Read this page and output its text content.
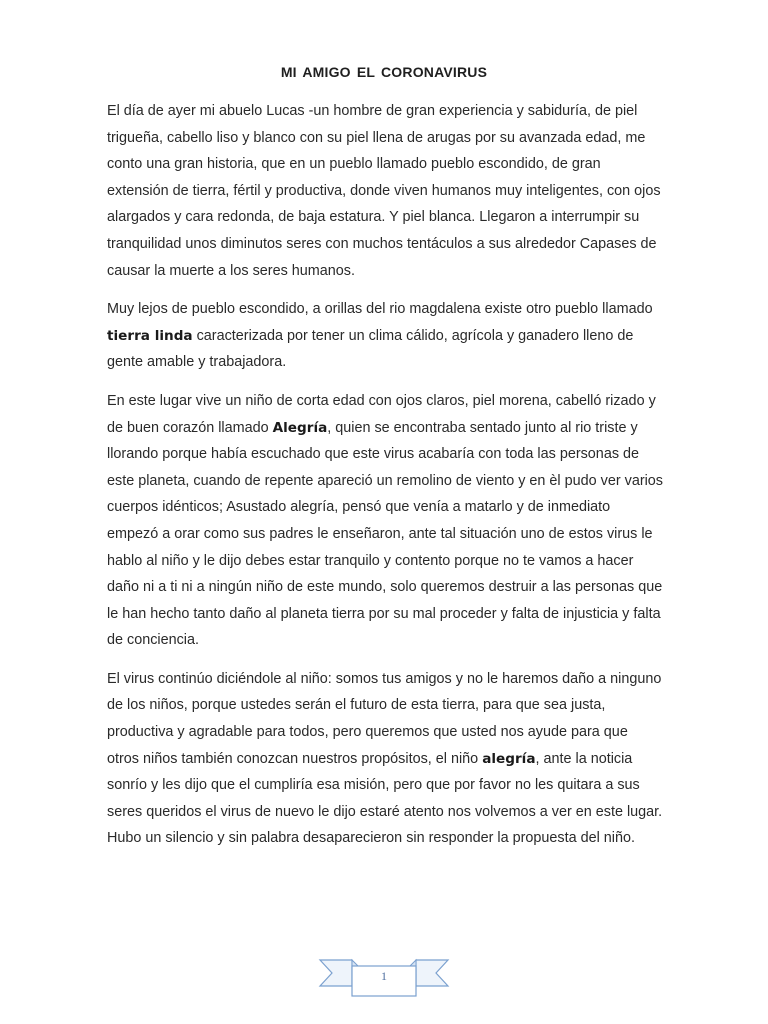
MI AMIGO EL CORONAVIRUS

El día de ayer mi abuelo Lucas -un hombre de gran experiencia y sabiduría, de piel trigueña, cabello liso y blanco con su piel llena de arugas por su avanzada edad, me conto una gran historia, que en un pueblo llamado pueblo escondido, de gran extensión de tierra, fértil y productiva, donde viven humanos muy inteligentes, con ojos alargados y cara redonda, de baja estatura. Y piel blanca. Llegaron a interrumpir su tranquilidad unos diminutos seres con muchos tentáculos a sus alrededor Capases de causar la muerte a los seres humanos.

Muy lejos de pueblo escondido, a orillas del rio magdalena existe otro pueblo llamado tierra linda caracterizada por tener un clima cálido, agrícola y ganadero lleno de gente amable y trabajadora.

En este lugar vive un niño de corta edad con ojos claros, piel morena, cabelló rizado y de buen corazón llamado Alegría, quien se encontraba sentado junto al rio triste y llorando porque había escuchado que este virus acabaría con toda las personas de este planeta, cuando de repente apareció un remolino de viento y en èl pudo ver varios cuerpos idénticos; Asustado alegría, pensó que venía a matarlo y de inmediato empezó a orar como sus padres le enseñaron, ante tal situación uno de estos virus le hablo al niño y le dijo debes estar tranquilo y contento porque no te vamos a hacer daño ni a ti ni a ningún niño de este mundo, solo queremos destruir a las personas que le han hecho tanto daño al planeta tierra por su mal proceder y falta de injusticia y falta de conciencia.

El virus continúo diciéndole al niño: somos tus amigos y no le haremos daño a ninguno de los niños, porque ustedes serán el futuro de esta tierra, para que sea justa, productiva y agradable para todos, pero queremos que usted nos ayude para que otros niños también conozcan nuestros propósitos, el niño alegría, ante la noticia sonrío y les dijo que el cumpliría esa misión, pero que por favor no les quitara a sus seres queridos el virus de nuevo le dijo estaré atento nos volvemos a ver en este lugar. Hubo un silencio y sin palabra desaparecieron sin responder la propuesta del niño.

1
